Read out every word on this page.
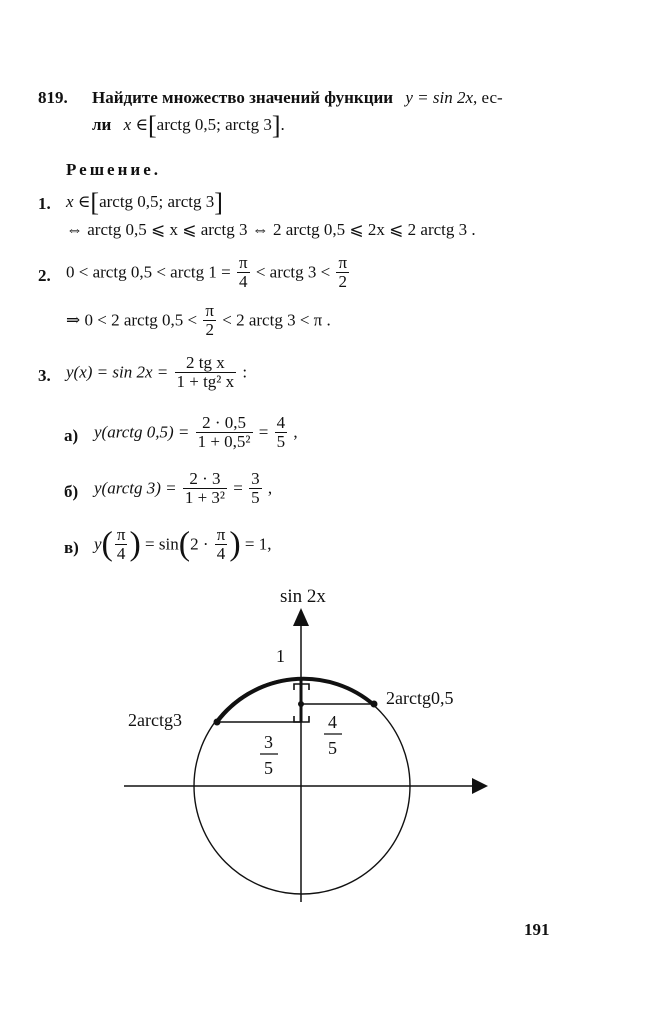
819. Найдите множество значений функции y = sin 2x, ес-
ли x ∈[arctg 0,5; arctg 3].
Решение.
1. x ∈[arctg 0,5; arctg 3]
⇔ arctg 0,5 ⩽ x ⩽ arctg 3 ⇔ 2 arctg 0,5 ⩽ 2x ⩽ 2 arctg 3 .
2. 0 < arctg 0,5 < arctg $1 = \frac{\pi}{4}$ < arctg $3 < \frac{\pi}{2}$
⇒ 0 < 2 arctg $0,5 < \frac{\pi}{2} < 2$ arctg 3 < π .
3. $y(x) = \sin 2x = \frac{\text{2 tg x}}{\text{1 + tg² x}}$ :
а) y(arctg $0,5) = \frac{2 \cdot 0,5}{\text{1 + 0,5²}} = \frac{4}{5}$ ,
б) y(arctg $3) = \frac{2 \cdot 3}{\text{1 + 3²}} = \frac{3}{5}$ ,
в) $y( \frac{\pi}{4}$ ) = $\sin(2 \cdot \frac{\pi}{4}$ ) = 1,
sin 2x
1
2arctg0,5
2arctg3	4
5
3
5
191
